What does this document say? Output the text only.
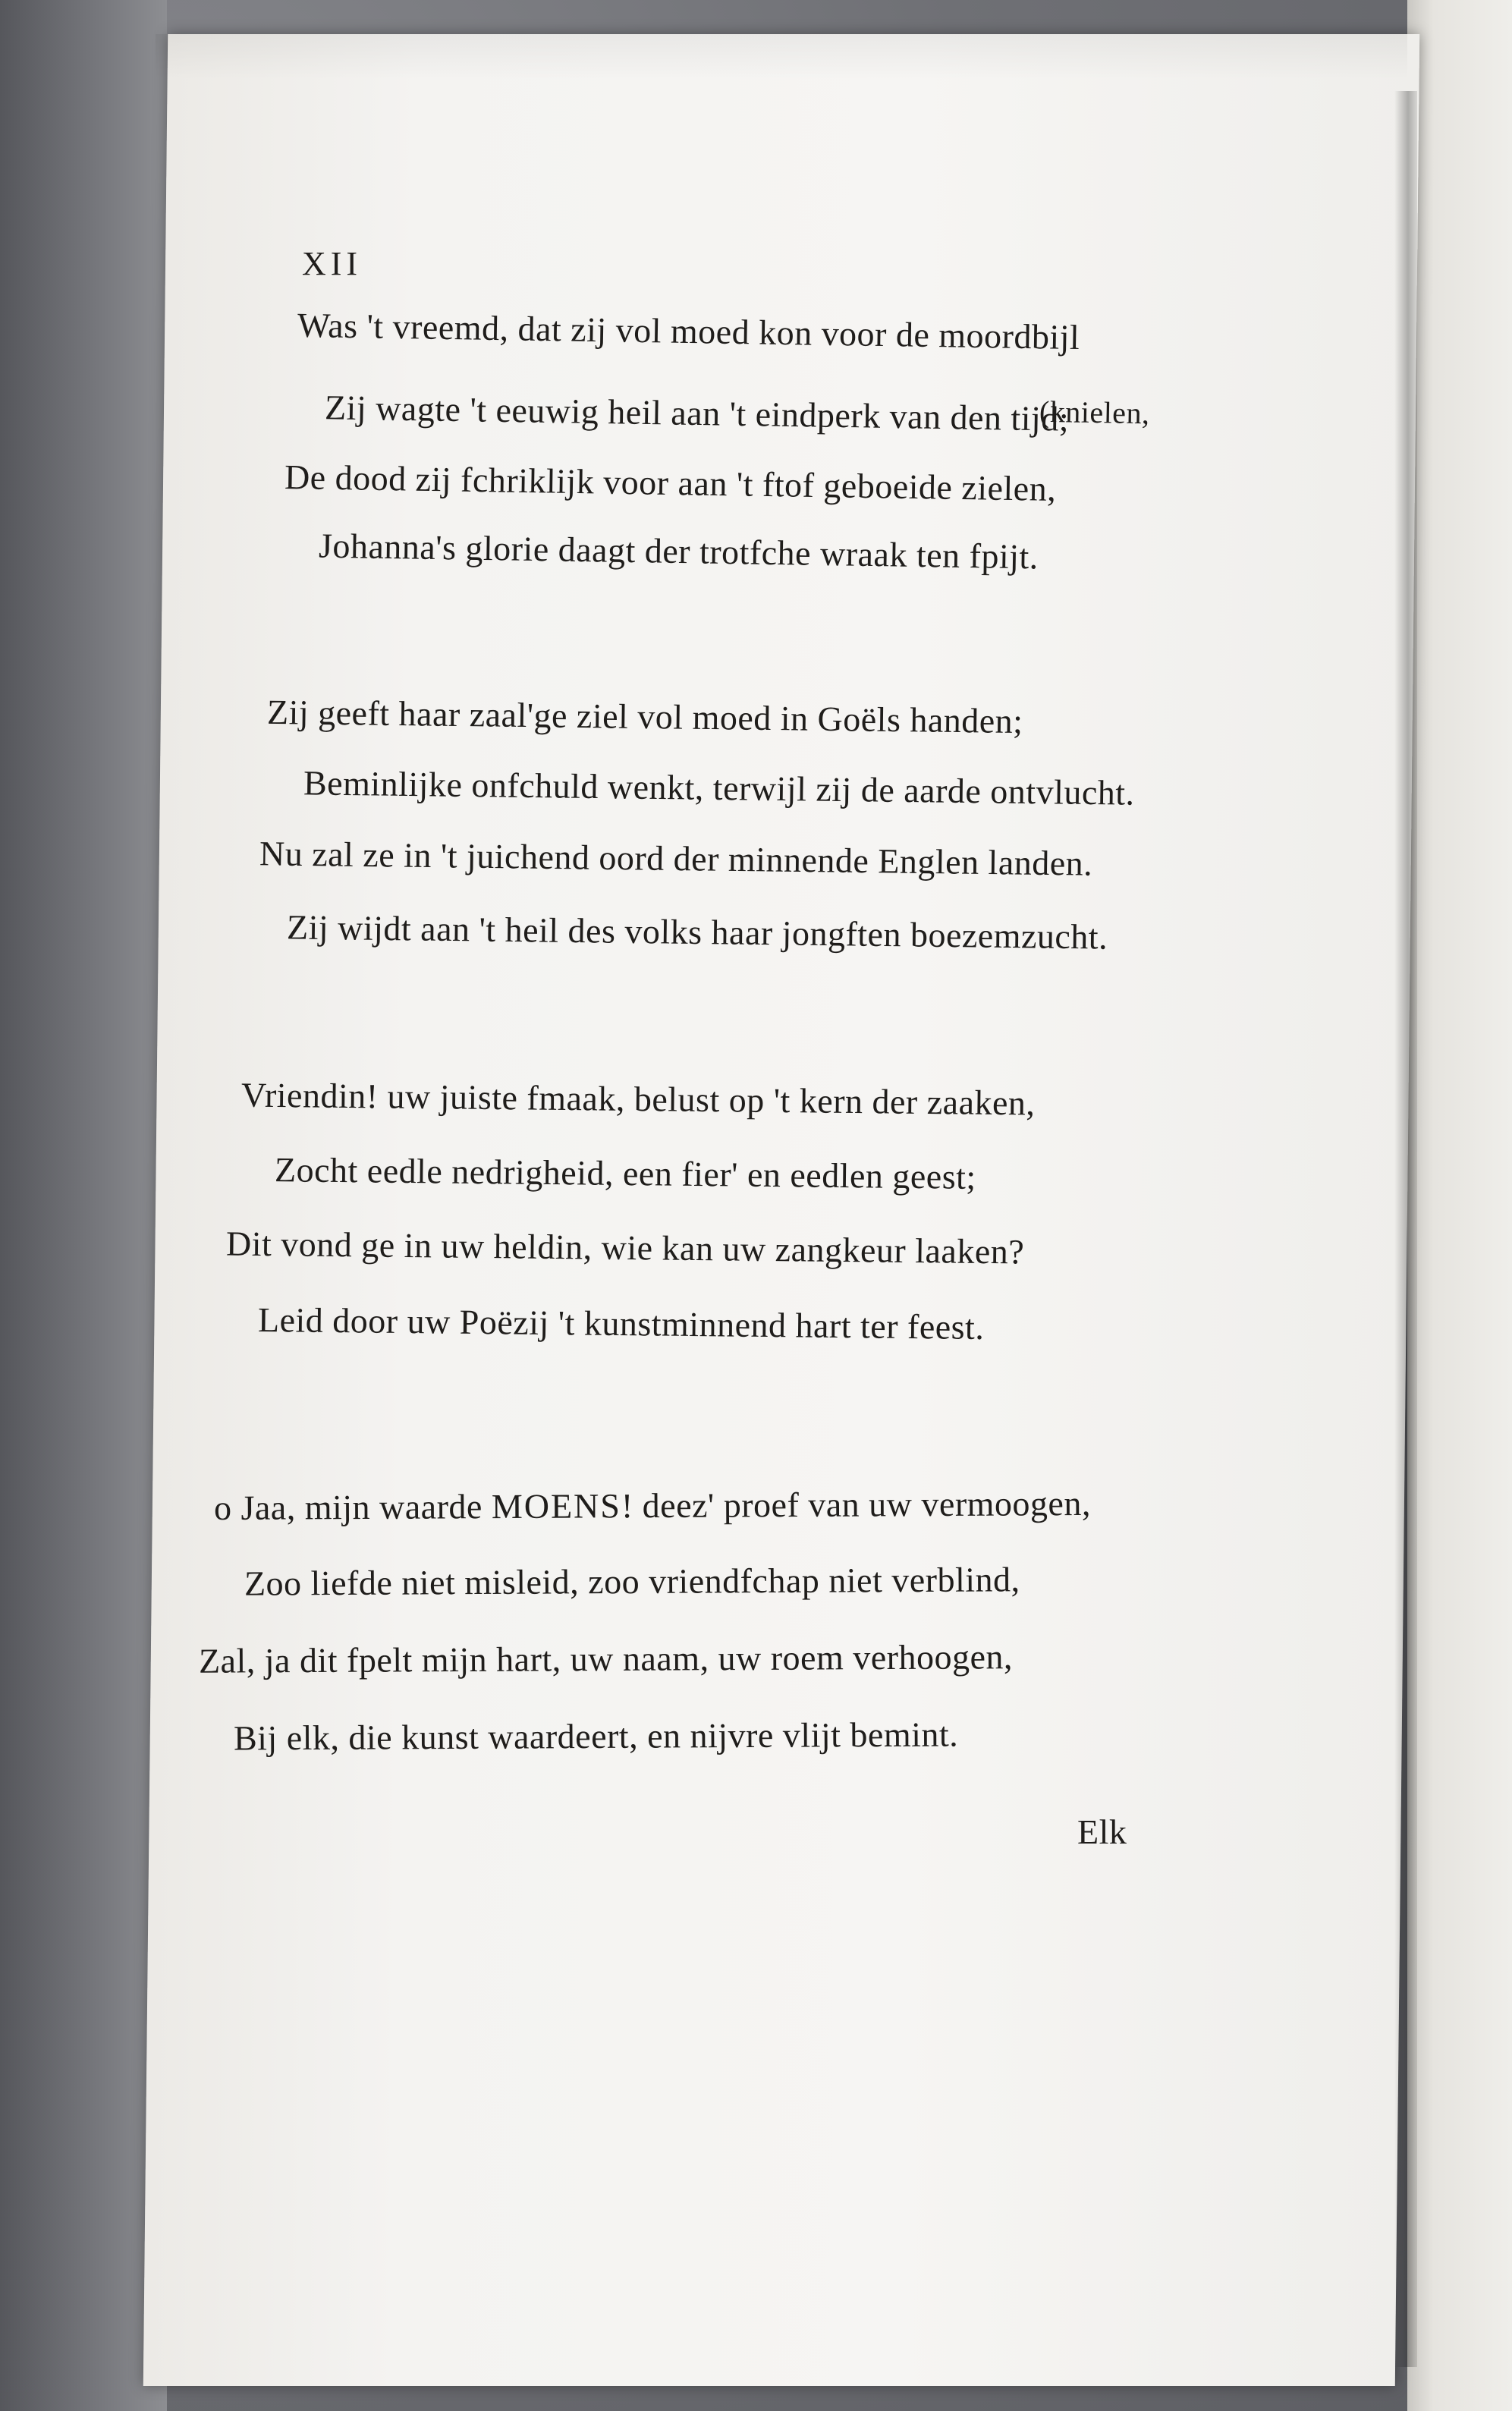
XII
Was 't vreemd, dat zij vol moed kon voor de moordbijl
(knielen,
Zij wagte 't eeuwig heil aan 't eindperk van den tijd;
De dood zij fchriklijk voor aan 't ftof geboeide zielen,
Johanna's glorie daagt der trotfche wraak ten fpijt.
Zij geeft haar zaal'ge ziel vol moed in Goëls handen;
Beminlijke onfchuld wenkt, terwijl zij de aarde ontvlucht.
Nu zal ze in 't juichend oord der minnende Englen landen.
Zij wijdt aan 't heil des volks haar jongften boezemzucht.
Vriendin! uw juiste fmaak, belust op 't kern der zaaken,
Zocht eedle nedrigheid, een fier' en eedlen geest;
Dit vond ge in uw heldin, wie kan uw zangkeur laaken?
Leid door uw Poëzij 't kunstminnend hart ter feest.
o Jaa, mijn waarde MOENS! deez' proef van uw vermoogen,
Zoo liefde niet misleid, zoo vriendfchap niet verblind,
Zal, ja dit fpelt mijn hart, uw naam, uw roem verhoogen,
Bij elk, die kunst waardeert, en nijvre vlijt bemint.
Elk
